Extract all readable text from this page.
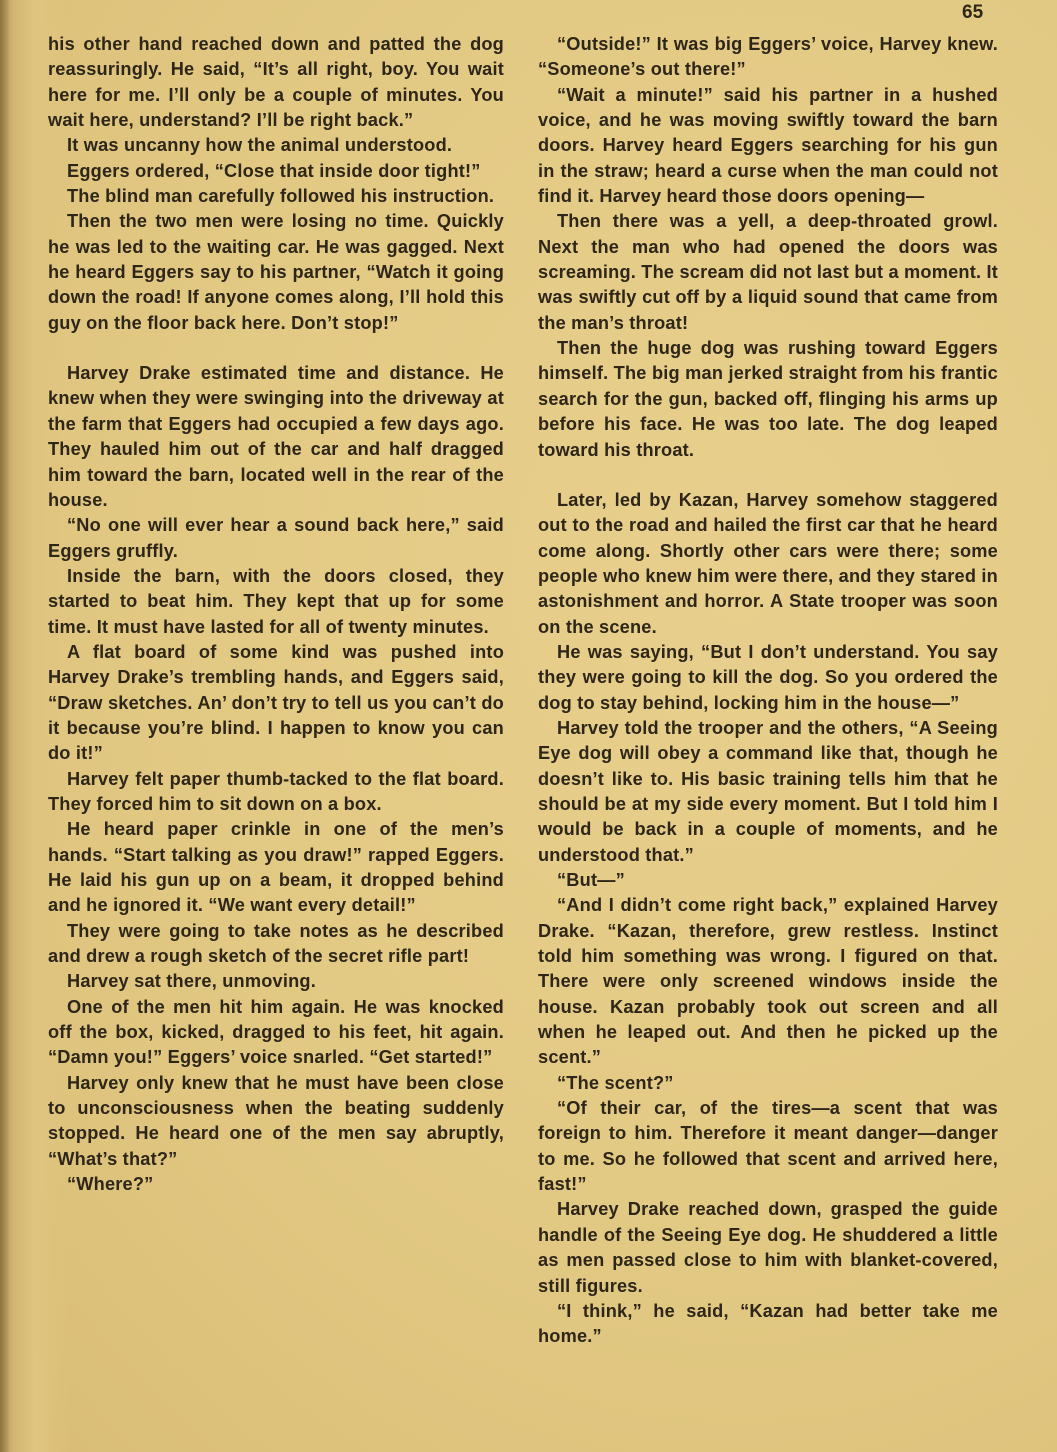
65

his other hand reached down and patted the dog reassuringly. He said, “It’s all right, boy. You wait here for me. I’ll only be a couple of minutes. You wait here, understand? I’ll be right back.”

It was uncanny how the animal understood.

Eggers ordered, “Close that inside door tight!”

The blind man carefully followed his instruction.

Then the two men were losing no time. Quickly he was led to the waiting car. He was gagged. Next he heard Eggers say to his partner, “Watch it going down the road! If anyone comes along, I’ll hold this guy on the floor back here. Don’t stop!”

Harvey Drake estimated time and distance. He knew when they were swinging into the driveway at the farm that Eggers had occupied a few days ago. They hauled him out of the car and half dragged him toward the barn, located well in the rear of the house.

“No one will ever hear a sound back here,” said Eggers gruffly.

Inside the barn, with the doors closed, they started to beat him. They kept that up for some time. It must have lasted for all of twenty minutes.

A flat board of some kind was pushed into Harvey Drake’s trembling hands, and Eggers said, “Draw sketches. An’ don’t try to tell us you can’t do it because you’re blind. I happen to know you can do it!”

Harvey felt paper thumb-tacked to the flat board. They forced him to sit down on a box.

He heard paper crinkle in one of the men’s hands. “Start talking as you draw!” rapped Eggers. He laid his gun up on a beam, it dropped behind and he ignored it. “We want every detail!”

They were going to take notes as he described and drew a rough sketch of the secret rifle part!

Harvey sat there, unmoving.

One of the men hit him again. He was knocked off the box, kicked, dragged to his feet, hit again. “Damn you!” Eggers’ voice snarled. “Get started!”

Harvey only knew that he must have been close to unconsciousness when the beating suddenly stopped. He heard one of the men say abruptly, “What’s that?”

“Where?”

“Outside!” It was big Eggers’ voice, Harvey knew. “Someone’s out there!”

“Wait a minute!” said his partner in a hushed voice, and he was moving swiftly toward the barn doors. Harvey heard Eggers searching for his gun in the straw; heard a curse when the man could not find it. Harvey heard those doors opening—

Then there was a yell, a deep-throated growl. Next the man who had opened the doors was screaming. The scream did not last but a moment. It was swiftly cut off by a liquid sound that came from the man’s throat!

Then the huge dog was rushing toward Eggers himself. The big man jerked straight from his frantic search for the gun, backed off, flinging his arms up before his face. He was too late. The dog leaped toward his throat.

Later, led by Kazan, Harvey somehow staggered out to the road and hailed the first car that he heard come along. Shortly other cars were there; some people who knew him were there, and they stared in astonishment and horror. A State trooper was soon on the scene.

He was saying, “But I don’t understand. You say they were going to kill the dog. So you ordered the dog to stay behind, locking him in the house—”

Harvey told the trooper and the others, “A Seeing Eye dog will obey a command like that, though he doesn’t like to. His basic training tells him that he should be at my side every moment. But I told him I would be back in a couple of moments, and he understood that.”

“But—”

“And I didn’t come right back,” explained Harvey Drake. “Kazan, therefore, grew restless. Instinct told him something was wrong. I figured on that. There were only screened windows inside the house. Kazan probably took out screen and all when he leaped out. And then he picked up the scent.”

“The scent?”

“Of their car, of the tires—a scent that was foreign to him. Therefore it meant danger—danger to me. So he followed that scent and arrived here, fast!”

Harvey Drake reached down, grasped the guide handle of the Seeing Eye dog. He shuddered a little as men passed close to him with blanket-covered, still figures.

“I think,” he said, “Kazan had better take me home.”
